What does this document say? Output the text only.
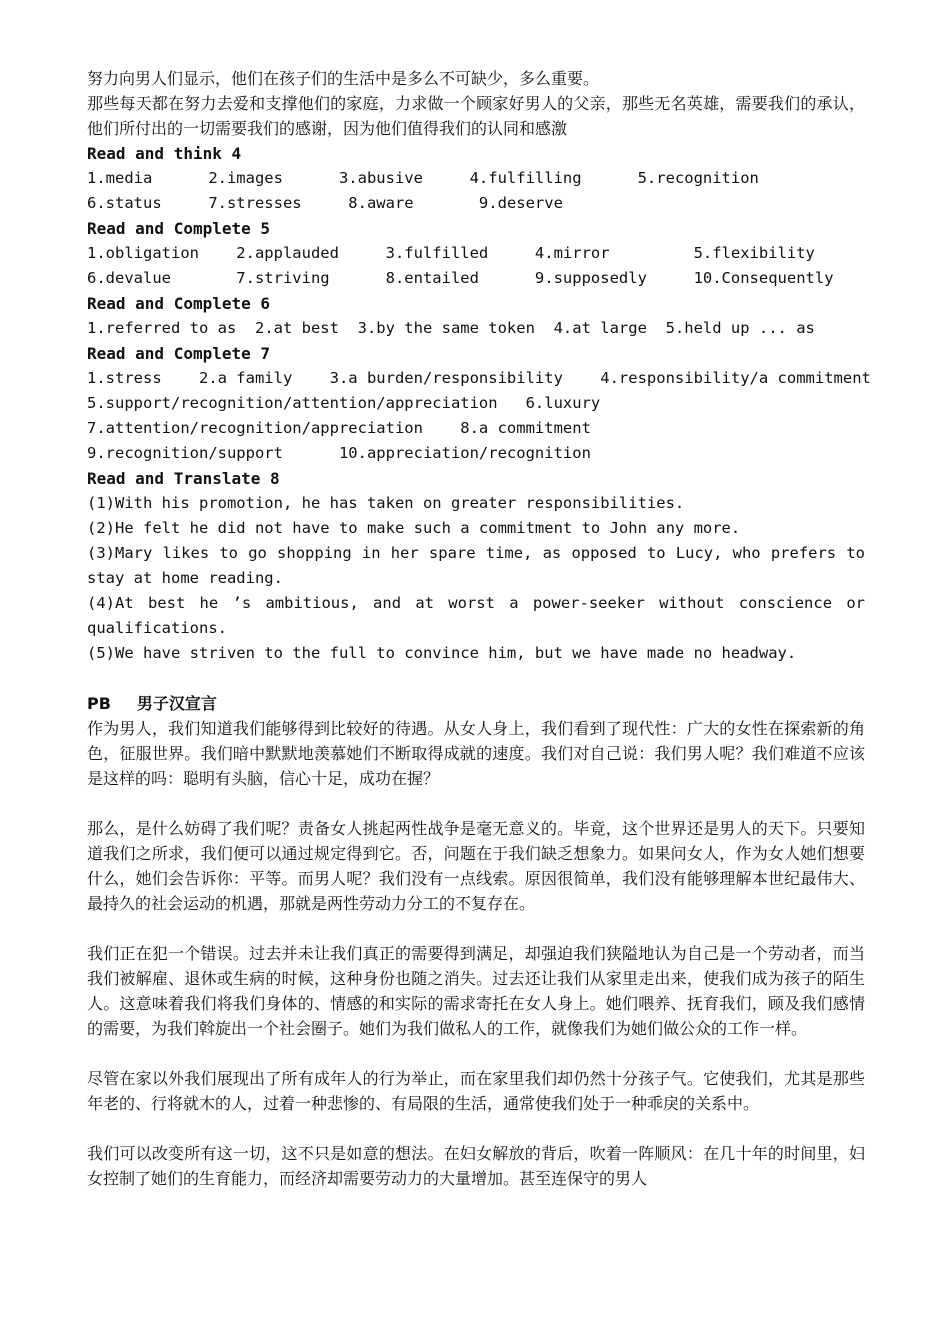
努力向男人们显示，他们在孩子们的生活中是多么不可缺少，多么重要。

那些每天都在努力去爱和支撑他们的家庭，力求做一个顾家好男人的父亲，那些无名英雄，需要我们的承认，他们所付出的一切需要我们的感谢，因为他们值得我们的认同和感激

Read and think 4

1.media      2.images      3.abusive     4.fulfilling      5.recognition

6.status     7.stresses     8.aware       9.deserve

Read and Complete 5

1.obligation    2.applauded     3.fulfilled     4.mirror         5.flexibility

6.devalue       7.striving      8.entailed      9.supposedly     10.Consequently

Read and Complete 6

1.referred to as  2.at best  3.by the same token  4.at large  5.held up ... as

Read and Complete 7

1.stress    2.a family    3.a burden/responsibility    4.responsibility/a commitment

5.support/recognition/attention/appreciation   6.luxury

7.attention/recognition/appreciation    8.a commitment

9.recognition/support      10.appreciation/recognition

Read and Translate 8

(1)With his promotion, he has taken on greater responsibilities.

(2)He felt he did not have to make such a commitment to John any more.

(3)Mary likes to go shopping in her spare time, as opposed to Lucy, who prefers to stay at home reading.

(4)At best he ’s ambitious, and at worst a power-seeker without conscience or qualifications.

(5)We have striven to the full to convince him, but we have made no headway.

PB 男子汉宣言

作为男人，我们知道我们能够得到比较好的待遇。从女人身上，我们看到了现代性：广大的女性在探索新的角色，征服世界。我们暗中默默地羡慕她们不断取得成就的速度。我们对自己说：我们男人呢？我们难道不应该是这样的吗：聪明有头脑，信心十足，成功在握？

那么，是什么妨碍了我们呢？责备女人挑起两性战争是毫无意义的。毕竟，这个世界还是男人的天下。只要知道我们之所求，我们便可以通过规定得到它。否，问题在于我们缺乏想象力。如果问女人，作为女人她们想要什么，她们会告诉你：平等。而男人呢？我们没有一点线索。原因很简单，我们没有能够理解本世纪最伟大、最持久的社会运动的机遇，那就是两性劳动力分工的不复存在。

我们正在犯一个错误。过去并未让我们真正的需要得到满足，却强迫我们狭隘地认为自己是一个劳动者，而当我们被解雇、退休或生病的时候，这种身份也随之消失。过去还让我们从家里走出来，使我们成为孩子的陌生人。这意味着我们将我们身体的、情感的和实际的需求寄托在女人身上。她们喂养、抚育我们，顾及我们感情的需要，为我们斡旋出一个社会圈子。她们为我们做私人的工作，就像我们为她们做公众的工作一样。

尽管在家以外我们展现出了所有成年人的行为举止，而在家里我们却仍然十分孩子气。它使我们，尤其是那些年老的、行将就木的人，过着一种悲惨的、有局限的生活，通常使我们处于一种乖戾的关系中。

我们可以改变所有这一切，这不只是如意的想法。在妇女解放的背后，吹着一阵顺风：在几十年的时间里，妇女控制了她们的生育能力，而经济却需要劳动力的大量增加。甚至连保守的男人
